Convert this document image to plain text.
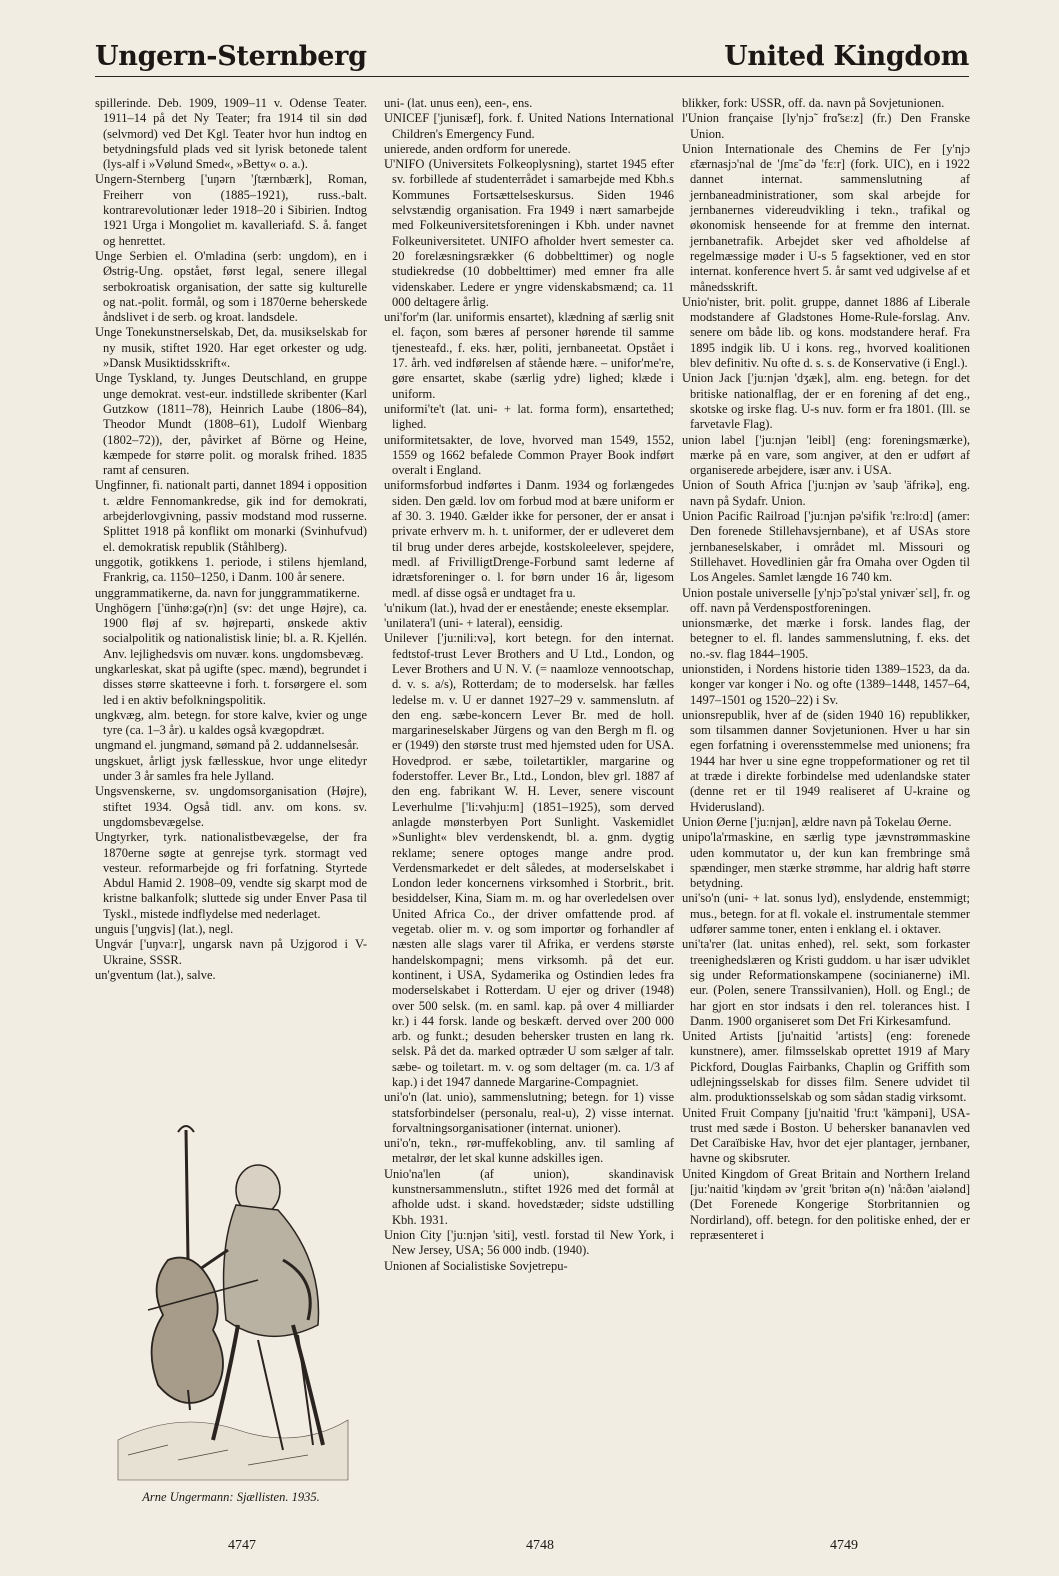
Ungern-Sternberg	United Kingdom

spillerinde. Deb. 1909, 1909–11 v. Odense Teater. 1911–14 på det Ny Teater; fra 1914 til sin død (selvmord) ved Det Kgl. Teater hvor hun indtog en betydningsfuld plads ved sit lyrisk betonede talent (lys-alf i »Vølund Smed«, »Betty« o. a.).

Ungern-Sternberg ['uŋərn 'ʃtærnbærk], Roman, Freiherr von (1885–1921), russ.-balt. kontrarevolutionær leder 1918–20 i Sibirien. Indtog 1921 Urga i Mongoliet m. kavalleriafd. S. å. fanget og henrettet.

Unge Serbien el. O'mladina (serb: ungdom), en i Østrig-Ung. opstået, først legal, senere illegal serbokroatisk organisation, der satte sig kulturelle og nat.-polit. formål, og som i 1870erne beherskede åndslivet i de serb. og kroat. landsdele.

Unge Tonekunstnerselskab, Det, da. musikselskab for ny musik, stiftet 1920. Har eget orkester og udg. »Dansk Musiktidsskrift«.

Unge Tyskland, ty. Junges Deutschland, en gruppe unge demokrat. vest-eur. indstillede skribenter (Karl Gutzkow (1811–78), Heinrich Laube (1806–84), Theodor Mundt (1808–61), Ludolf Wienbarg (1802–72)), der, påvirket af Börne og Heine, kæmpede for større polit. og moralsk frihed. 1835 ramt af censuren.

Ungfinner, fi. nationalt parti, dannet 1894 i opposition t. ældre Fennomankredse, gik ind for demokrati, arbejderlovgivning, passiv modstand mod russerne. Splittet 1918 på konflikt om monarki (Svinhufvud) el. demokratisk republik (Ståhlberg).

unggotik, gotikkens 1. periode, i stilens hjemland, Frankrig, ca. 1150–1250, i Danm. 100 år senere.

unggrammatikerne, da. navn for junggrammatikerne.

Unghögern ['ünhø:gə(r)n] (sv: det unge Højre), ca. 1900 fløj af sv. højreparti, ønskede aktiv socialpolitik og nationalistisk linie; bl. a. R. Kjellén. Anv. lejlighedsvis om nuvær. kons. ungdomsbevæg.

ungkarleskat, skat på ugifte (spec. mænd), begrundet i disses større skatteevne i forh. t. forsørgere el. som led i en aktiv befolkningspolitik.

ungkvæg, alm. betegn. for store kalve, kvier og unge tyre (ca. 1–3 år). u kaldes også kvægopdræt.

ungmand el. jungmand, sømand på 2. uddannelsesår.

ungskuet, årligt jysk fællesskue, hvor unge elitedyr under 3 år samles fra hele Jylland.

Ungsvenskerne, sv. ungdomsorganisation (Højre), stiftet 1934. Også tidl. anv. om kons. sv. ungdomsbevægelse.

Ungtyrker, tyrk. nationalistbevægelse, der fra 1870erne søgte at genrejse tyrk. stormagt ved vesteur. reformarbejde og fri forfatning. Styrtede Abdul Hamid 2. 1908–09, vendte sig skarpt mod de kristne balkanfolk; sluttede sig under Enver Pasa til Tyskl., mistede indflydelse med nederlaget.

unguis ['uŋgvis] (lat.), negl.

Ungvár ['uŋva:r], ungarsk navn på Uzjgorod i V-Ukraine, SSSR.

un'gventum (lat.), salve.

Arne Ungermann: Sjællisten. 1935.

uni- (lat. unus een), een-, ens.

UNICEF ['junisæf], fork. f. United Nations International Children's Emergency Fund.

unierede, anden ordform for unerede.

U'NIFO (Universitets Folkeoplysning), startet 1945 efter sv. forbillede af studenterrådet i samarbejde med Kbh.s Kommunes Fortsættelseskursus. Siden 1946 selvstændig organisation. Fra 1949 i nært samarbejde med Folkeuniversitetsforeningen i Kbh. under navnet Folkeuniversitetet. UNIFO afholder hvert semester ca. 20 forelæsningsrækker (6 dobbelttimer) og nogle studiekredse (10 dobbelttimer) med emner fra alle videnskaber. Ledere er yngre videnskabsmænd; ca. 11 000 deltagere årlig.

uni'for'm (lar. uniformis ensartet), klædning af særlig snit el. façon, som bæres af personer hørende til samme tjenesteafd., f. eks. hær, politi, jernbaneetat. Opstået i 17. årh. ved indførelsen af stående hære. – unifor'me're, gøre ensartet, skabe (særlig ydre) lighed; klæde i uniform.

uniformi'te't (lat. uni- + lat. forma form), ensartethed; lighed.

uniformitetsakter, de love, hvorved man 1549, 1552, 1559 og 1662 befalede Common Prayer Book indført overalt i England.

uniformsforbud indførtes i Danm. 1934 og forlængedes siden. Den gæld. lov om forbud mod at bære uniform er af 30. 3. 1940. Gælder ikke for personer, der er ansat i private erhverv m. h. t. uniformer, der er udleveret dem til brug under deres arbejde, kostskoleelever, spejdere, medl. af FrivilligtDrenge-Forbund samt lederne af idrætsforeninger o. l. for børn under 16 år, ligesom medl. af disse også er undtaget fra u.

'u'nikum (lat.), hvad der er enestående; eneste eksemplar.

'unilatera'l (uni- + lateral), eensidig.

Unilever ['ju:nili:və], kort betegn. for den internat. fedtstof-trust Lever Brothers and U Ltd., London, og Lever Brothers and U N. V. (= naamloze vennootschap, d. v. s. a/s), Rotterdam; de to moderselsk. har fælles ledelse m. v. U er dannet 1927–29 v. sammenslutn. af den eng. sæbe-koncern Lever Br. med de holl. margarineselskaber Jürgens og van den Bergh m fl. og er (1949) den største trust med hjemsted uden for USA. Hovedprod. er sæbe, toiletartikler, margarine og foderstoffer. Lever Br., Ltd., London, blev grl. 1887 af den eng. fabrikant W. H. Lever, senere viscount Leverhulme ['li:vəhju:m] (1851–1925), som derved anlagde mønsterbyen Port Sunlight. Vaskemidlet »Sunlight« blev verdenskendt, bl. a. gnm. dygtig reklame; senere optoges mange andre prod. Verdensmarkedet er delt således, at moderselskabet i London leder koncernens virksomhed i Storbrit., brit. besiddelser, Kina, Siam m. m. og har overledelsen over United Africa Co., der driver omfattende prod. af vegetab. olier m. v. og som importør og forhandler af næsten alle slags varer til Afrika, er verdens største handelskompagni; mens virksomh. på det eur. kontinent, i USA, Sydamerika og Ostindien ledes fra moderselskabet i Rotterdam. U ejer og driver (1948) over 500 selsk. (m. en saml. kap. på over 4 milliarder kr.) i 44 forsk. lande og beskæft. derved over 200 000 arb. og funkt.; desuden behersker trusten en lang rk. selsk. På det da. marked optræder U som sælger af talr. sæbe- og toiletart. m. v. og som deltager (m. ca. 1/3 af kap.) i det 1947 dannede Margarine-Compagniet.

uni'o'n (lat. unio), sammenslutning; betegn. for 1) visse statsforbindelser (personalu, real-u), 2) visse internat. forvaltningsorganisationer (internat. unioner).

uni'o'n, tekn., rør-muffekobling, anv. til samling af metalrør, der let skal kunne adskilles igen.

Unio'na'len (af union), skandinavisk kunstnersammenslutn., stiftet 1926 med det formål at afholde udst. i skand. hovedstæder; sidste udstilling Kbh. 1931.

Union City ['ju:njən 'siti], vestl. forstad til New York, i New Jersey, USA; 56 000 indb. (1940).

Unionen af Socialistiske Sovjetrepu-

blikker, fork: USSR, off. da. navn på Sovjetunionen.

l'Union française [ly'njɔ̃ frɑ̃'sɛ:z] (fr.) Den Franske Union.

Union Internationale des Chemins de Fer [y'njɔ̃ ɛ̃tærnasjɔ'nal de 'ʃmɛ̃ də 'fɛ:r] (fork. UIC), en i 1922 dannet internat. sammenslutning af jernbaneadministrationer, som skal arbejde for jernbanernes videreudvikling i tekn., trafikal og økonomisk henseende for at fremme den internat. jernbanetrafik. Arbejdet sker ved afholdelse af regelmæssige møder i U-s 5 fagsektioner, ved en stor internat. konference hvert 5. år samt ved udgivelse af et månedsskrift.

Unio'nister, brit. polit. gruppe, dannet 1886 af Liberale modstandere af Gladstones Home-Rule-forslag. Anv. senere om både lib. og kons. modstandere heraf. Fra 1895 indgik lib. U i kons. reg., hvorved koalitionen blev definitiv. Nu ofte d. s. s. de Konservative (i Engl.).

Union Jack ['ju:njən 'dʒæk], alm. eng. betegn. for det britiske nationalflag, der er en forening af det eng., skotske og irske flag. U-s nuv. form er fra 1801. (Ill. se farvetavle Flag).

union label ['ju:njən 'leibl] (eng: foreningsmærke), mærke på en vare, som angiver, at den er udført af organiserede arbejdere, især anv. i USA.

Union of South Africa ['ju:njən əv 'sauþ 'äfrikə], eng. navn på Sydafr. Union.

Union Pacific Railroad ['ju:njən pə'sifik 'rɛ:lro:d] (amer: Den forenede Stillehavsjernbane), et af USAs store jernbaneselskaber, i området ml. Missouri og Stillehavet. Hovedlinien går fra Omaha over Ogden til Los Angeles. Samlet længde 16 740 km.

Union postale universelle [y'njɔ̃ pɔ'stal yniværˈsɛl], fr. og off. navn på Verdenspostforeningen.

unionsmærke, det mærke i forsk. landes flag, der betegner to el. fl. landes sammenslutning, f. eks. det no.-sv. flag 1844–1905.

unionstiden, i Nordens historie tiden 1389–1523, da da. konger var konger i No. og ofte (1389–1448, 1457–64, 1497–1501 og 1520–22) i Sv.

unionsrepublik, hver af de (siden 1940 16) republikker, som tilsammen danner Sovjetunionen. Hver u har sin egen forfatning i overensstemmelse med unionens; fra 1944 har hver u sine egne troppeformationer og ret til at træde i direkte forbindelse med udenlandske stater (denne ret er til 1949 realiseret af U-kraine og Hviderusland).

Union Øerne ['ju:njən], ældre navn på Tokelau Øerne.

unipo'la'rmaskine, en særlig type jævnstrømmaskine uden kommutator u, der kun kan frembringe små spændinger, men stærke strømme, har aldrig haft større betydning.

uni'so'n (uni- + lat. sonus lyd), enslydende, enstemmigt; mus., betegn. for at fl. vokale el. instrumentale stemmer udfører samme toner, enten i enklang el. i oktaver.

uni'ta'rer (lat. unitas enhed), rel. sekt, som forkaster treenighedslæren og Kristi guddom. u har især udviklet sig under Reformationskampene (socinianerne) iMl. eur. (Polen, senere Transsilvanien), Holl. og Engl.; de har gjort en stor indsats i den rel. tolerances hist. I Danm. 1900 organiseret som Det Fri Kirkesamfund.

United Artists [ju'naitid 'artists] (eng: forenede kunstnere), amer. filmsselskab oprettet 1919 af Mary Pickford, Douglas Fairbanks, Chaplin og Griffith som udlejningsselskab for disses film. Senere udvidet til alm. produktionsselskab og som sådan stadig virksomt.

United Fruit Company [ju'naitid 'fru:t 'kämpəni], USA-trust med sæde i Boston. U behersker bananavlen ved Det Caraïbiske Hav, hvor det ejer plantager, jernbaner, havne og skibsruter.

United Kingdom of Great Britain and Northern Ireland [ju:'naitid 'kiŋdəm əv 'grɛit 'britən ə(n) 'nå:ðən 'aiələnd] (Det Forenede Kongerige Storbritannien og Nordirland), off. betegn. for den politiske enhed, der er repræsenteret i

4747	4748	4749
